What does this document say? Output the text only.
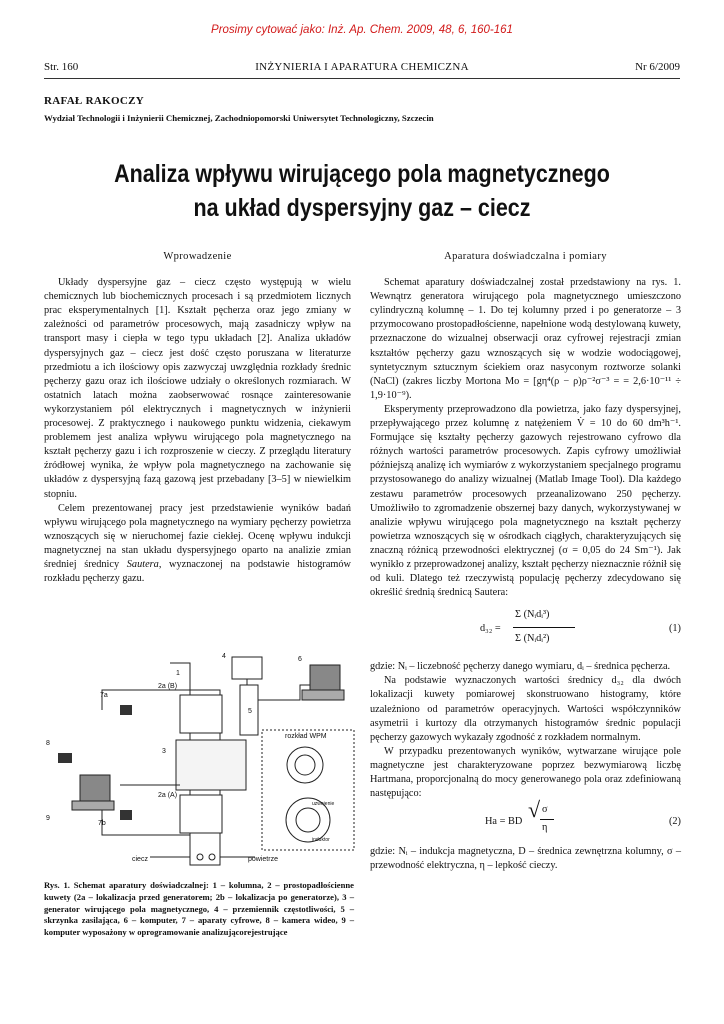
Prosimy cytować jako: Inż. Ap. Chem. 2009, 48, 6, 160-161
Str. 160	INŻYNIERIA I APARATURA CHEMICZNA	Nr 6/2009
RAFAŁ RAKOCZY
Wydział Technologii i Inżynierii Chemicznej, Zachodniopomorski Uniwersytet Technologiczny, Szczecin
Analiza wpływu wirującego pola magnetycznego
na układ dyspersyjny gaz – ciecz
Wprowadzenie

Układy dyspersyjne gaz – ciecz często występują w wielu chemicznych lub biochemicznych procesach i są przedmiotem licznych prac eksperymentalnych [1]. Kształt pęcherza oraz jego zmiany w zależności od parametrów procesowych, mają zasadniczy wpływ na transport masy i ciepła w tego typu układach [2]. Analiza układów dyspersyjnych gaz – ciecz jest dość często poruszana w literaturze przedmiotu a ich ilościowy opis zazwyczaj uwzględnia rozkłady średnic pęcherzy gazu oraz ich ilościowe udziały o określonych rozmiarach. W ostatnich latach można zaobserwować rosnące zainteresowanie wykorzystaniem pól elektrycznych i magnetycznych w inżynierii procesowej. Z praktycznego i naukowego punktu widzenia, ciekawym problemem jest analiza wpływu wirującego pola magnetycznego na kształt pęcherzy gazu i ich rozproszenie w cieczy. Z przeglądu literatury źródłowej wynika, że wpływ pola magnetycznego na zachowanie się układów z dyspersyjną fazą gazową jest przebadany [3–5] w niewielkim stopniu.

Celem prezentowanej pracy jest przedstawienie wyników badań wpływu wirującego pola magnetycznego na wymiary pęcherzy powietrza wznoszących się w nieruchomej fazie ciekłej. Ocenę wpływu indukcji magnetycznej na stan układu dyspersyjnego oparto na analizie zmian średniej średnicy Sautera, wyznaczonej na podstawie histogramów rozkładu pęcherzy gazu.

4
1
2a (B)
3
2a (A)
5
6
7a
7b
8
9
rozkład WPM
ciecz	powietrze
uzwojenie
induktor
Rys. 1. Schemat aparatury doświadczalnej: 1 – kolumna, 2 – prostopadłościenne kuwety (2a – lokalizacja przed generatorem; 2b – lokalizacja po generatorze), 3 – generator wirującego pola magnetycznego, 4 – przemiennik częstotliwości, 5 – skrzynka zasilająca, 6 – komputer, 7 – aparaty cyfrowe, 8 – kamera wideo, 9 – komputer wyposażony w oprogramowanie analizującorejestrujące
Aparatura doświadczalna i pomiary

Schemat aparatury doświadczalnej został przedstawiony na rys. 1. Wewnątrz generatora wirującego pola magnetycznego umieszczono cylindryczną kolumnę – 1. Do tej kolumny przed i po generatorze – 3 przymocowano prostopadłościenne, napełnione wodą destylowaną kuwety, przeznaczone do wizualnej obserwacji oraz cyfrowej rejestracji zmian kształtów pęcherzy gazu wznoszących się w wodzie wodociągowej, syntetycznym sztucznym ściekiem oraz nasyconym roztworze solanki (NaCl) (zakres liczby Mortona Mo = [gη⁴(ρ − ρ)ρ⁻²σ⁻³ = = 2,6·10⁻¹¹ ÷ 1,9·10⁻⁹).

Eksperymenty przeprowadzono dla powietrza, jako fazy dyspersyjnej, przepływającego przez kolumnę z natężeniem V̇ = 10 do 60 dm³h⁻¹. Formujące się kształty pęcherzy gazowych rejestrowano cyfrowo dla różnych wartości parametrów procesowych. Zapis cyfrowy umożliwiał późniejszą analizę ich wymiarów z wykorzystaniem specjalnego programu przystosowanego do analizy wizualnej (Matlab Image Tool). Dla każdego zestawu parametrów procesowych przeanalizowano 250 pęcherzy. Umożliwiło to zgromadzenie obszernej bazy danych, wykorzystywanej w analizie wpływu wirującego pola magnetycznego na kształt pęcherzy powietrza wznoszących się w ośrodkach ciągłych, charakteryzujących się znaczną różnicą przewodności elektrycznej (σ = 0,05 do 24 Sm⁻¹). Jak wynikło z przeprowadzonej analizy, kształt pęcherzy nieznacznie różnił się od kuli. Dlatego też rzeczywistą populację pęcherzy zdecydowano się określić średnią średnicą Sautera:

d₃₂ =
Σ (Nᵢdᵢ³)
Σ (Nᵢdᵢ²)
(1)

gdzie: Nᵢ – liczebność pęcherzy danego wymiaru, dᵢ – średnica pęcherza.

Na podstawie wyznaczonych wartości średnicy d₃₂ dla dwóch lokalizacji kuwety pomiarowej skonstruowano histogramy, które uzależniono od parametrów operacyjnych. Wartości współczynników asymetrii i kurtozy dla otrzymanych histogramów średnic populacji pęcherzy gazowych wykazały zgodność z rozkładem normalnym.

W przypadku prezentowanych wyników, wytwarzane wirujące pole magnetyczne jest charakteryzowane poprzez bezwymiarową liczbę Hartmana, proporcjonalną do mocy generowanego pola oraz zdefiniowaną następująco:

Ha = BD √ σ
η
(2)

gdzie: Nᵢ – indukcja magnetyczna, D – średnica zewnętrzna kolumny, σ – przewodność elektryczna, η – lepkość cieczy.
